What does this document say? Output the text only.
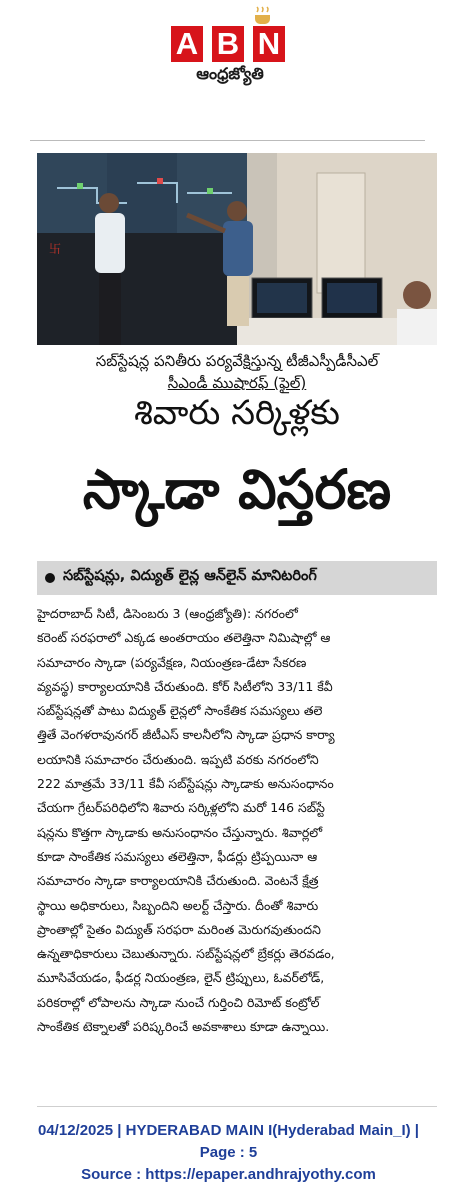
A B N
ఆంధ్రజ్యోతి
卐
సబ్‌స్టేషన్ల పనితీరు పర్యవేక్షిస్తున్న టీజీఎస్పీడీసీఎల్
సీఎండీ ముషారఫ్ (ఫైల్)
శివారు సర్కిళ్లకు
స్కాడా విస్తరణ
సబ్‌స్టేషన్లు, విద్యుత్ లైన్ల ఆన్‌లైన్ మానిటరింగ్
హైదరాబాద్ సిటీ, డిసెంబరు 3 (ఆంధ్రజ్యోతి): నగరంలో
కరెంట్ సరఫరాలో ఎక్కడ అంతరాయం తలెత్తినా నిమిషాల్లో ఆ
సమాచారం స్కాడా (పర్యవేక్షణ, నియంత్రణ-డేటా సేకరణ
వ్యవస్థ) కార్యాలయానికి చేరుతుంది. కోర్ సిటీలోని 33/11 కేవీ
సబ్‌స్టేషన్లతో పాటు విద్యుత్ లైన్లలో సాంకేతిక సమస్యలు తలె
త్తితే వెంగళరావునగర్ జీటీఎస్ కాలనీలోని స్కాడా ప్రధాన కార్యా
లయానికి సమాచారం చేరుతుంది. ఇప్పటి వరకు నగరంలోని
222 మాత్రమే 33/11 కేవీ సబ్‌స్టేషన్లు స్కాడాకు అనుసంధానం
చేయగా గ్రేటర్‌పరిధిలోని శివారు సర్కిళ్లలోని మరో 146 సబ్‌స్టే
షన్లను కొత్తగా స్కాడాకు అనుసంధానం చేస్తున్నారు. శివార్లలో
కూడా సాంకేతిక సమస్యలు తలెత్తినా, ఫీడర్లు ట్రిప్పయినా ఆ
సమాచారం స్కాడా కార్యాలయానికి చేరుతుంది. వెంటనే క్షేత్ర
స్థాయి అధికారులు, సిబ్బందిని అలర్ట్ చేస్తారు. దీంతో శివారు
ప్రాంతాల్లో సైతం విద్యుత్ సరఫరా మరింత మెరుగవుతుందని
ఉన్నతాధికారులు చెబుతున్నారు. సబ్‌స్టేషన్లలో బ్రేకర్లు తెరవడం,
మూసివేయడం, ఫీడర్ల నియంత్రణ, లైన్ ట్రిప్పులు, ఓవర్‌లోడ్,
పరికరాల్లో లోపాలను స్కాడా నుంచే గుర్తించి రిమోట్ కంట్రోల్
సాంకేతిక టెక్నాలతో పరిష్కరించే అవకాశాలు కూడా ఉన్నాయి.
04/12/2025 | HYDERABAD MAIN I(Hyderabad Main_I) |
Page : 5
Source : https://epaper.andhrajyothy.com
